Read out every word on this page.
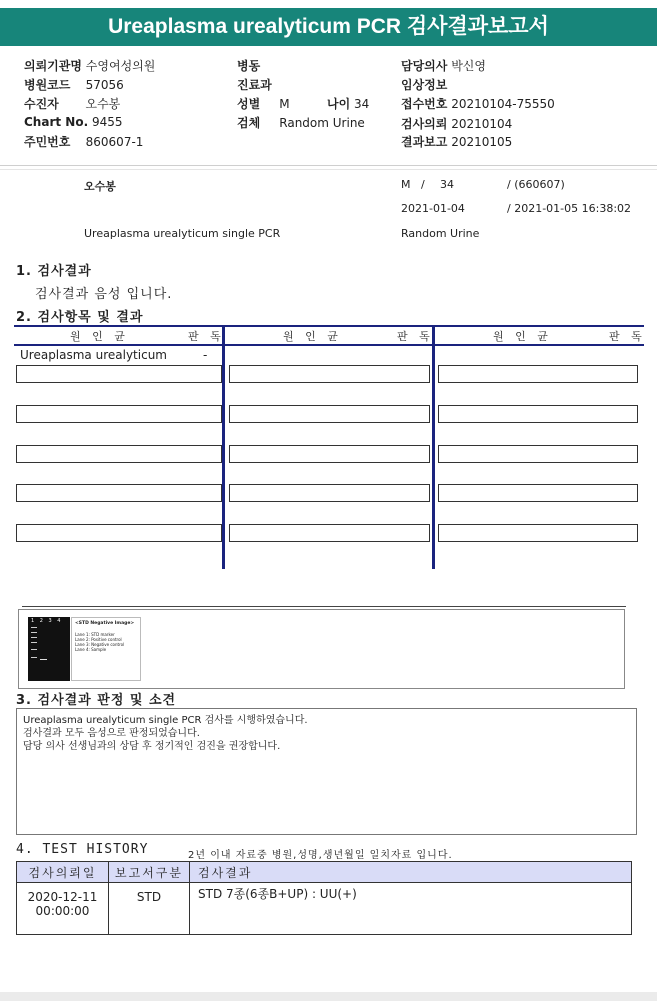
Ureaplasma urealyticum PCR 검사결과보고서
의뢰기관명 수영여성의원
병원코드 57056
수진자 오수봉
Chart No. 9455
주민번호 860607-1
병동
진료과
성별 M	나이 34
검체 Random Urine
담당의사 박신영
임상정보
접수번호 20210104-75550
검사의뢰 20210104
결과보고 20210105
오수봉	M / 34	/ (660607)
2021-01-04	/ 2021-01-05 16:38:02
Ureaplasma urealyticum single PCR	Random Urine
1. 검사결과
검사결과 음성 입니다.
2. 검사항목 및 결과
원 인 균	판 독	원 인 균	판 독	원 인 균	판 독
Ureaplasma urealyticum	-
1 2 3 4	<STD Negative Image>
Lane 1: STD marker
Lane 2: Positive control
Lane 3: Negative control
Lane 4: Sample
3. 검사결과 판정 및 소견
Ureaplasma urealyticum single PCR 검사를 시행하였습니다.
검사결과 모두 음성으로 판정되었습니다.
담당 의사 선생님과의 상담 후 정기적인 검진을 권장합니다.
4. TEST HISTORY	2년 이내 자료중 병원,성명,생년월일 일치자료 입니다.
검사의뢰일	보고서구분	검사결과

2020-12-11
00:00:00	STD	STD 7종(6종B+UP) : UU(+)
